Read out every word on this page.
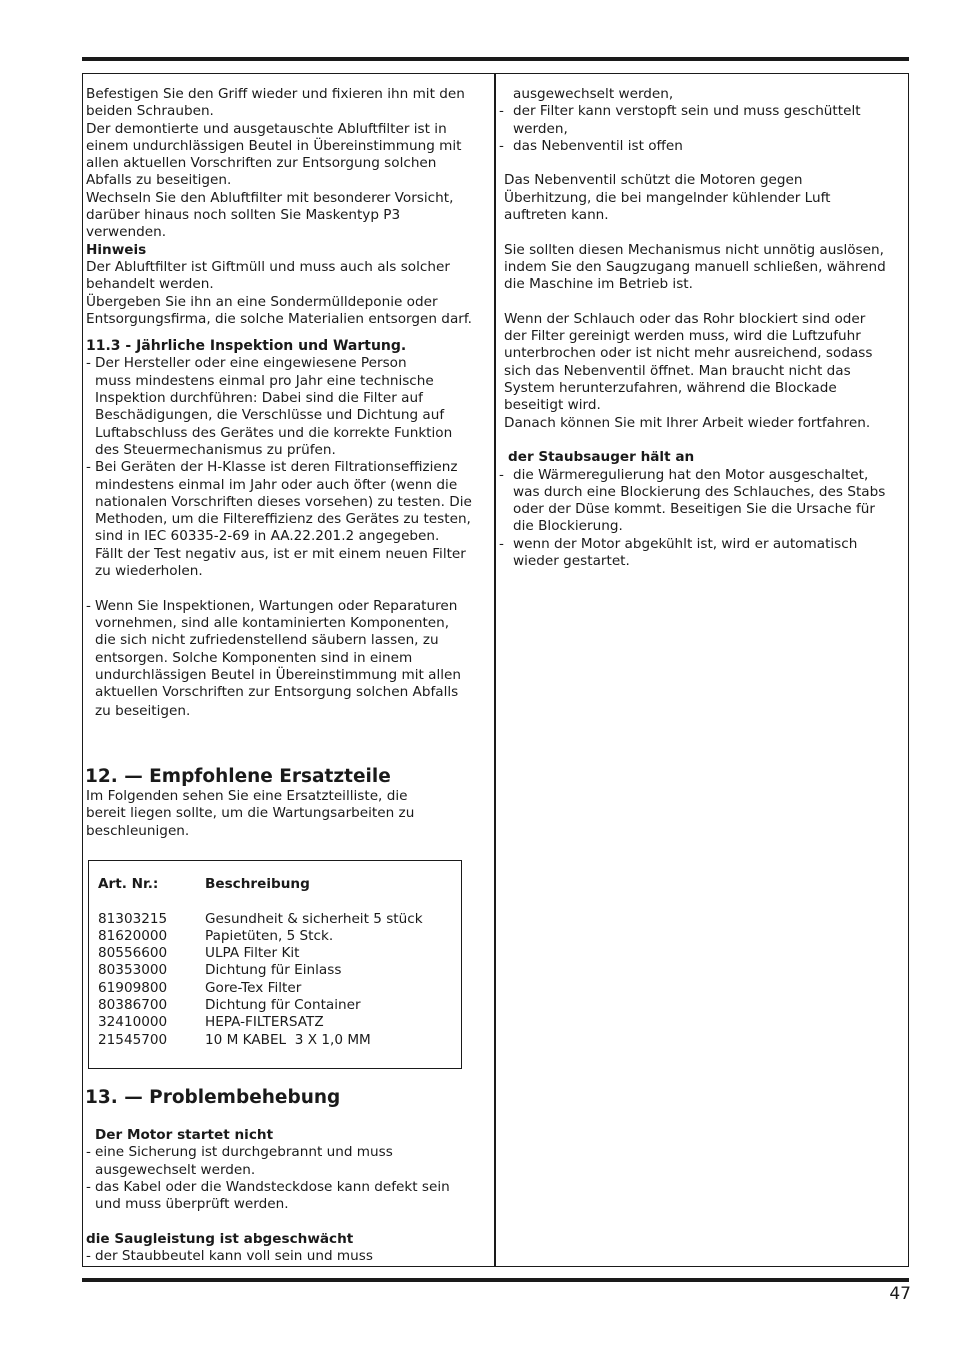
Befestigen Sie den Griff wieder und fixieren ihn mit den

beiden Schrauben.

Der demontierte und ausgetauschte Abluftfilter ist in

einem undurchlässigen Beutel in Übereinstimmung mit

allen aktuellen Vorschriften zur Entsorgung solchen

Abfalls zu beseitigen.

Wechseln Sie den Abluftfilter mit besonderer Vorsicht,

darüber hinaus noch sollten Sie Maskentyp P3

verwenden.

Hinweis

Der Abluftfilter ist Giftmüll und muss auch als solcher

behandelt werden.

Übergeben Sie ihn an eine Sondermülldeponie oder

Entsorgungsfirma, die solche Materialien entsorgen darf.

11.3 - Jährliche Inspektion und Wartung.

- Der Hersteller oder eine eingewiesene Person

muss mindestens einmal pro Jahr eine technische

Inspektion durchführen: Dabei sind die Filter auf

Beschädigungen, die Verschlüsse und Dichtung auf

Luftabschluss des Gerätes und die korrekte Funktion

des Steuermechanismus zu prüfen.

- Bei Geräten der H-Klasse ist deren Filtrationseffizienz

mindestens einmal im Jahr oder auch öfter (wenn die

nationalen Vorschriften dieses vorsehen) zu testen. Die

Methoden, um die Filtereffizienz des Gerätes zu testen,

sind in IEC 60335-2-69 in AA.22.201.2 angegeben.

Fällt der Test negativ aus, ist er mit einem neuen Filter

zu wiederholen.

- Wenn Sie Inspektionen, Wartungen oder Reparaturen

vornehmen, sind alle kontaminierten Komponenten,

die sich nicht zufriedenstellend säubern lassen, zu

entsorgen. Solche Komponenten sind in einem

undurchlässigen Beutel in Übereinstimmung mit allen

aktuellen Vorschriften zur Entsorgung solchen Abfalls

zu beseitigen.

12. — Empfohlene Ersatzteile

Im Folgenden sehen Sie eine Ersatzteilliste, die

bereit liegen sollte, um die Wartungsarbeiten zu

beschleunigen.

Art. Nr.:	Beschreibung
81303215	Gesundheit & sicherheit 5 stück
81620000	Papietüten, 5 Stck.
80556600	ULPA Filter Kit
80353000	Dichtung für Einlass
61909800	Gore-Tex Filter
80386700	Dichtung für Container
32410000	HEPA-FILTERSATZ
21545700	10 M KABEL  3 X 1,0 MM

13. — Problembehebung

Der Motor startet nicht

- eine Sicherung ist durchgebrannt und muss

ausgewechselt werden.

- das Kabel oder die Wandsteckdose kann defekt sein

und muss überprüft werden.

die Saugleistung ist abgeschwächt

- der Staubbeutel kann voll sein und muss

ausgewechselt werden,

- der Filter kann verstopft sein und muss geschüttelt

werden,

- das Nebenventil ist offen

Das Nebenventil schützt die Motoren gegen

Überhitzung, die bei mangelnder kühlender Luft

auftreten kann.

Sie sollten diesen Mechanismus nicht unnötig auslösen,

indem Sie den Saugzugang manuell schließen, während

die Maschine im Betrieb ist.

Wenn der Schlauch oder das Rohr blockiert sind oder

der Filter gereinigt werden muss, wird die Luftzufuhr

unterbrochen oder ist nicht mehr ausreichend, sodass

sich das Nebenventil öffnet. Man braucht nicht das

System herunterzufahren, während die Blockade

beseitigt wird.

Danach können Sie mit Ihrer Arbeit wieder fortfahren.

der Staubsauger hält an

- die Wärmeregulierung hat den Motor ausgeschaltet,

was durch eine Blockierung des Schlauches, des Stabs

oder der Düse kommt. Beseitigen Sie die Ursache für

die Blockierung.

- wenn der Motor abgekühlt ist, wird er automatisch

wieder gestartet.

47
